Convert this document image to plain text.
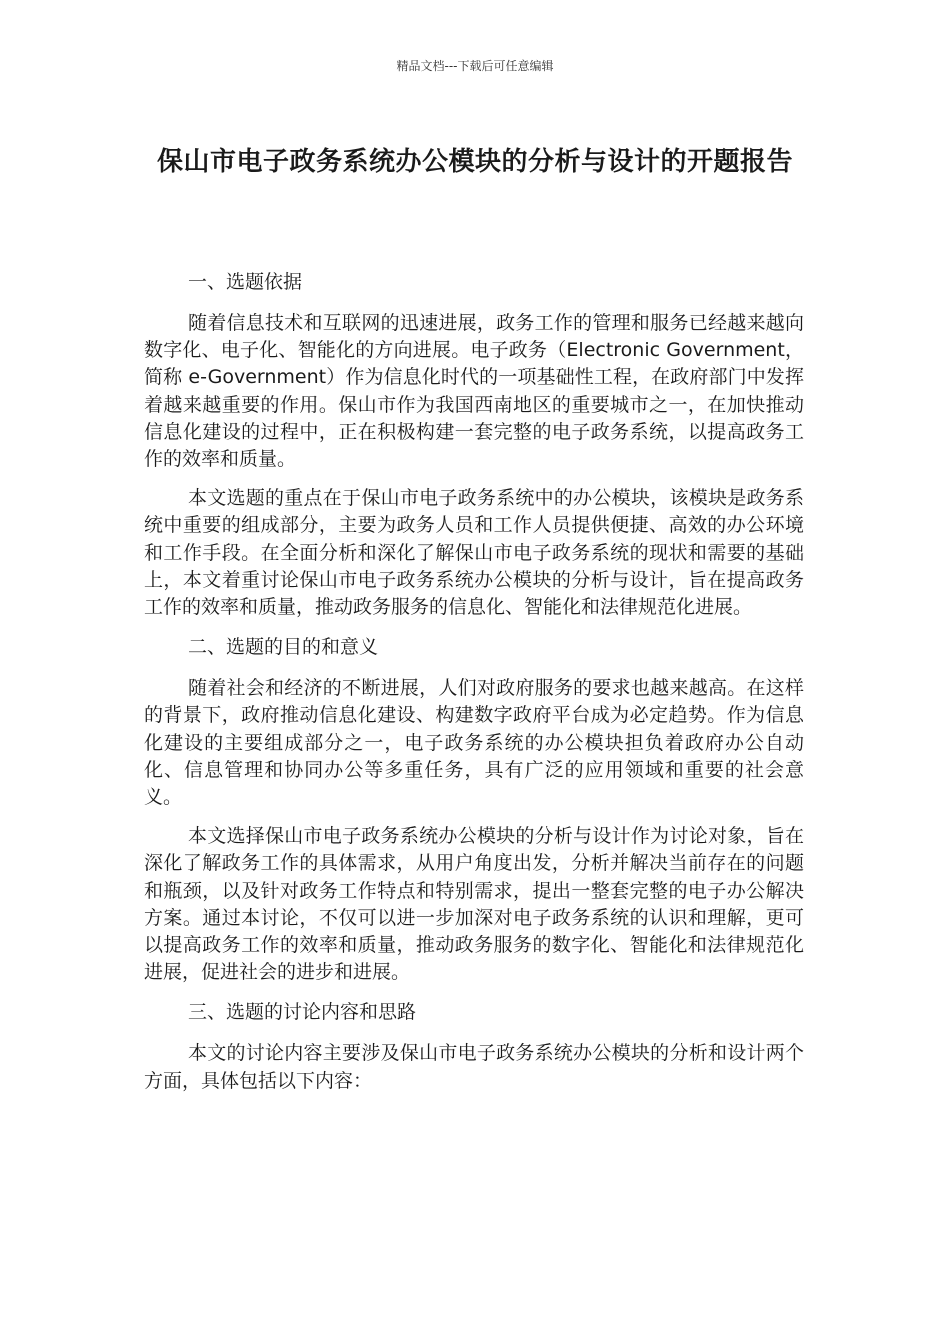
精品文档---下载后可任意编辑
保山市电子政务系统办公模块的分析与设计的开题报告

一、选题依据

随着信息技术和互联网的迅速进展，政务工作的管理和服务已经越来越向数字化、电子化、智能化的方向进展。电子政务（Electronic Government，简称 e-Government）作为信息化时代的一项基础性工程，在政府部门中发挥着越来越重要的作用。保山市作为我国西南地区的重要城市之一，在加快推动信息化建设的过程中，正在积极构建一套完整的电子政务系统，以提高政务工作的效率和质量。

本文选题的重点在于保山市电子政务系统中的办公模块，该模块是政务系统中重要的组成部分，主要为政务人员和工作人员提供便捷、高效的办公环境和工作手段。在全面分析和深化了解保山市电子政务系统的现状和需要的基础上，本文着重讨论保山市电子政务系统办公模块的分析与设计，旨在提高政务工作的效率和质量，推动政务服务的信息化、智能化和法律规范化进展。

二、选题的目的和意义

随着社会和经济的不断进展，人们对政府服务的要求也越来越高。在这样的背景下，政府推动信息化建设、构建数字政府平台成为必定趋势。作为信息化建设的主要组成部分之一，电子政务系统的办公模块担负着政府办公自动化、信息管理和协同办公等多重任务，具有广泛的应用领域和重要的社会意义。

本文选择保山市电子政务系统办公模块的分析与设计作为讨论对象，旨在深化了解政务工作的具体需求，从用户角度出发，分析并解决当前存在的问题和瓶颈，以及针对政务工作特点和特别需求，提出一整套完整的电子办公解决方案。通过本讨论，不仅可以进一步加深对电子政务系统的认识和理解，更可以提高政务工作的效率和质量，推动政务服务的数字化、智能化和法律规范化进展，促进社会的进步和进展。

三、选题的讨论内容和思路

本文的讨论内容主要涉及保山市电子政务系统办公模块的分析和设计两个方面，具体包括以下内容：
